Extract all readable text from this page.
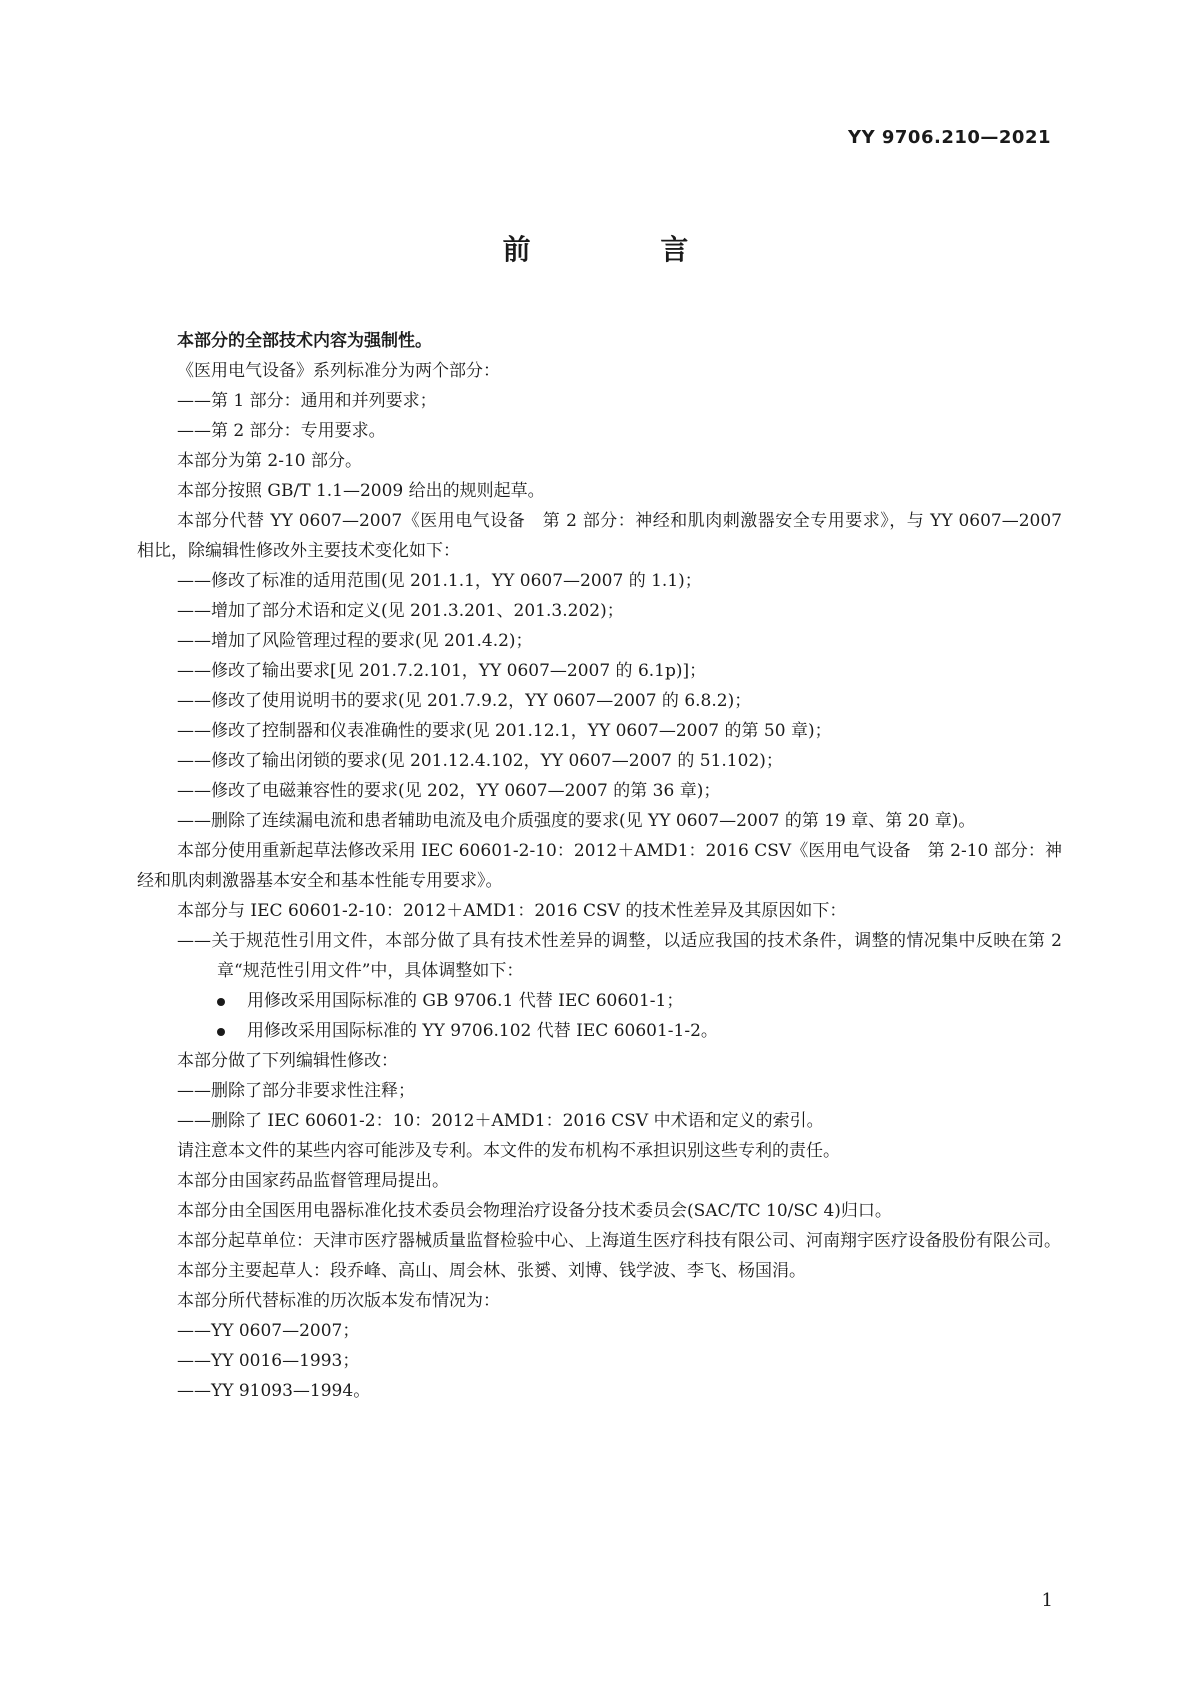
YY 9706.210—2021
前 言

本部分的全部技术内容为强制性。

《医用电气设备》系列标准分为两个部分：

——第 1 部分：通用和并列要求；

——第 2 部分：专用要求。

本部分为第 2-10 部分。

本部分按照 GB/T 1.1—2009 给出的规则起草。

本部分代替 YY 0607—2007《医用电气设备　第 2 部分：神经和肌肉刺激器安全专用要求》，与 YY 0607—2007 相比，除编辑性修改外主要技术变化如下：

——修改了标准的适用范围(见 201.1.1，YY 0607—2007 的 1.1)；

——增加了部分术语和定义(见 201.3.201、201.3.202)；

——增加了风险管理过程的要求(见 201.4.2)；

——修改了输出要求[见 201.7.2.101，YY 0607—2007 的 6.1p)]；

——修改了使用说明书的要求(见 201.7.9.2，YY 0607—2007 的 6.8.2)；

——修改了控制器和仪表准确性的要求(见 201.12.1，YY 0607—2007 的第 50 章)；

——修改了输出闭锁的要求(见 201.12.4.102，YY 0607—2007 的 51.102)；

——修改了电磁兼容性的要求(见 202，YY 0607—2007 的第 36 章)；

——删除了连续漏电流和患者辅助电流及电介质强度的要求(见 YY 0607—2007 的第 19 章、第 20 章)。

本部分使用重新起草法修改采用 IEC 60601-2-10：2012＋AMD1：2016 CSV《医用电气设备　第 2-10 部分：神经和肌肉刺激器基本安全和基本性能专用要求》。

本部分与 IEC 60601-2-10：2012＋AMD1：2016 CSV 的技术性差异及其原因如下：

——关于规范性引用文件，本部分做了具有技术性差异的调整，以适应我国的技术条件，调整的情况集中反映在第 2 章“规范性引用文件”中，具体调整如下：

用修改采用国际标准的 GB 9706.1 代替 IEC 60601-1；

用修改采用国际标准的 YY 9706.102 代替 IEC 60601-1-2。

本部分做了下列编辑性修改：

——删除了部分非要求性注释；

——删除了 IEC 60601-2：10：2012＋AMD1：2016 CSV 中术语和定义的索引。

请注意本文件的某些内容可能涉及专利。本文件的发布机构不承担识别这些专利的责任。

本部分由国家药品监督管理局提出。

本部分由全国医用电器标准化技术委员会物理治疗设备分技术委员会(SAC/TC 10/SC 4)归口。

本部分起草单位：天津市医疗器械质量监督检验中心、上海道生医疗科技有限公司、河南翔宇医疗设备股份有限公司。

本部分主要起草人：段乔峰、高山、周会林、张赟、刘博、钱学波、李飞、杨国涓。

本部分所代替标准的历次版本发布情况为：

——YY 0607—2007；

——YY 0016—1993；

——YY 91093—1994。

1
